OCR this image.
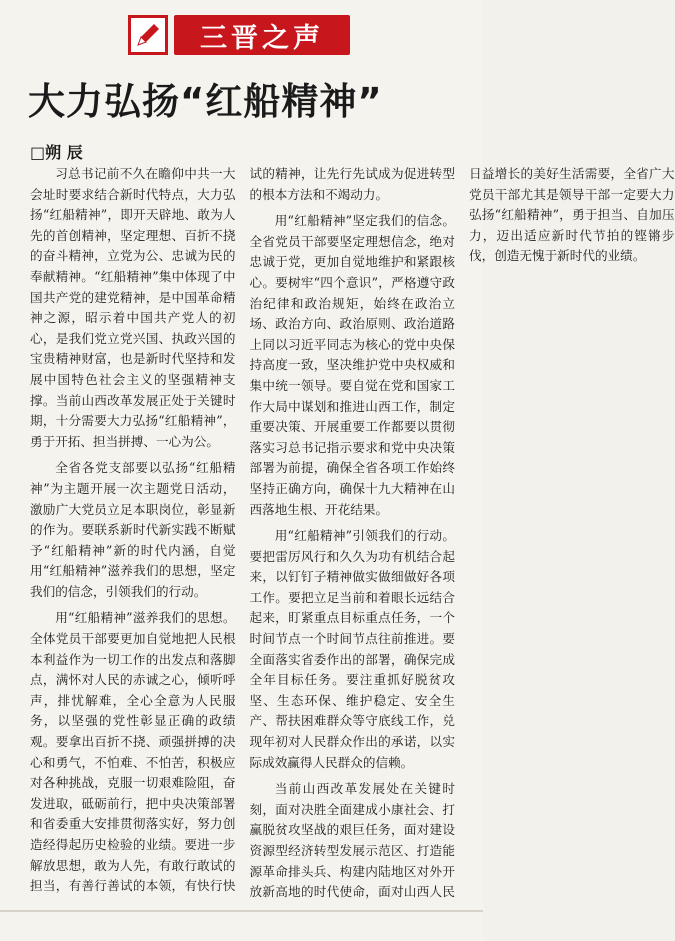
三晋之声
大力弘扬“红船精神”
□朔 辰

习总书记前不久在瞻仰中共一大会址时要求结合新时代特点，大力弘扬“红船精神”，即开天辟地、敢为人先的首创精神，坚定理想、百折不挠的奋斗精神，立党为公、忠诚为民的奉献精神。“红船精神”集中体现了中国共产党的建党精神，是中国革命精神之源，昭示着中国共产党人的初心，是我们党立党兴国、执政兴国的宝贵精神财富，也是新时代坚持和发展中国特色社会主义的坚强精神支撑。当前山西改革发展正处于关键时期，十分需要大力弘扬“红船精神”，勇于开拓、担当拼搏、一心为公。

全省各党支部要以弘扬“红船精神”为主题开展一次主题党日活动，激励广大党员立足本职岗位，彰显新的作为。要联系新时代新实践不断赋予“红船精神”新的时代内涵，自觉用“红船精神”滋养我们的思想，坚定我们的信念，引领我们的行动。

用“红船精神”滋养我们的思想。全体党员干部要更加自觉地把人民根本利益作为一切工作的出发点和落脚点，满怀对人民的赤诚之心，倾听呼声，排忧解难，全心全意为人民服务，以坚强的党性彰显正确的政绩观。要拿出百折不挠、顽强拼搏的决心和勇气，不怕难、不怕苦，积极应对各种挑战，克服一切艰难险阻，奋发进取，砥砺前行，把中央决策部署和省委重大安排贯彻落实好，努力创造经得起历史检验的业绩。要进一步解放思想，敢为人先，有敢行敢试的担当，有善行善试的本领，有快行快试的精神，让先行先试成为促进转型的根本方法和不竭动力。

用“红船精神”坚定我们的信念。全省党员干部要坚定理想信念，绝对忠诚于党，更加自觉地维护和紧跟核心。要树牢“四个意识”，严格遵守政治纪律和政治规矩，始终在政治立场、政治方向、政治原则、政治道路上同以习近平同志为核心的党中央保持高度一致，坚决维护党中央权威和集中统一领导。要自觉在党和国家工作大局中谋划和推进山西工作，制定重要决策、开展重要工作都要以贯彻落实习总书记指示要求和党中央决策部署为前提，确保全省各项工作始终坚持正确方向，确保十九大精神在山西落地生根、开花结果。

用“红船精神”引领我们的行动。要把雷厉风行和久久为功有机结合起来，以钉钉子精神做实做细做好各项工作。要把立足当前和着眼长远结合起来，盯紧重点目标重点任务，一个时间节点一个时间节点往前推进。要全面落实省委作出的部署，确保完成全年目标任务。要注重抓好脱贫攻坚、生态环保、维护稳定、安全生产、帮扶困难群众等守底线工作，兑现年初对人民群众作出的承诺，以实际成效赢得人民群众的信赖。

当前山西改革发展处在关键时刻，面对决胜全面建成小康社会、打赢脱贫攻坚战的艰巨任务，面对建设资源型经济转型发展示范区、打造能源革命排头兵、构建内陆地区对外开放新高地的时代使命，面对山西人民日益增长的美好生活需要，全省广大党员干部尤其是领导干部一定要大力弘扬“红船精神”，勇于担当、自加压力，迈出适应新时代节拍的铿锵步伐，创造无愧于新时代的业绩。
